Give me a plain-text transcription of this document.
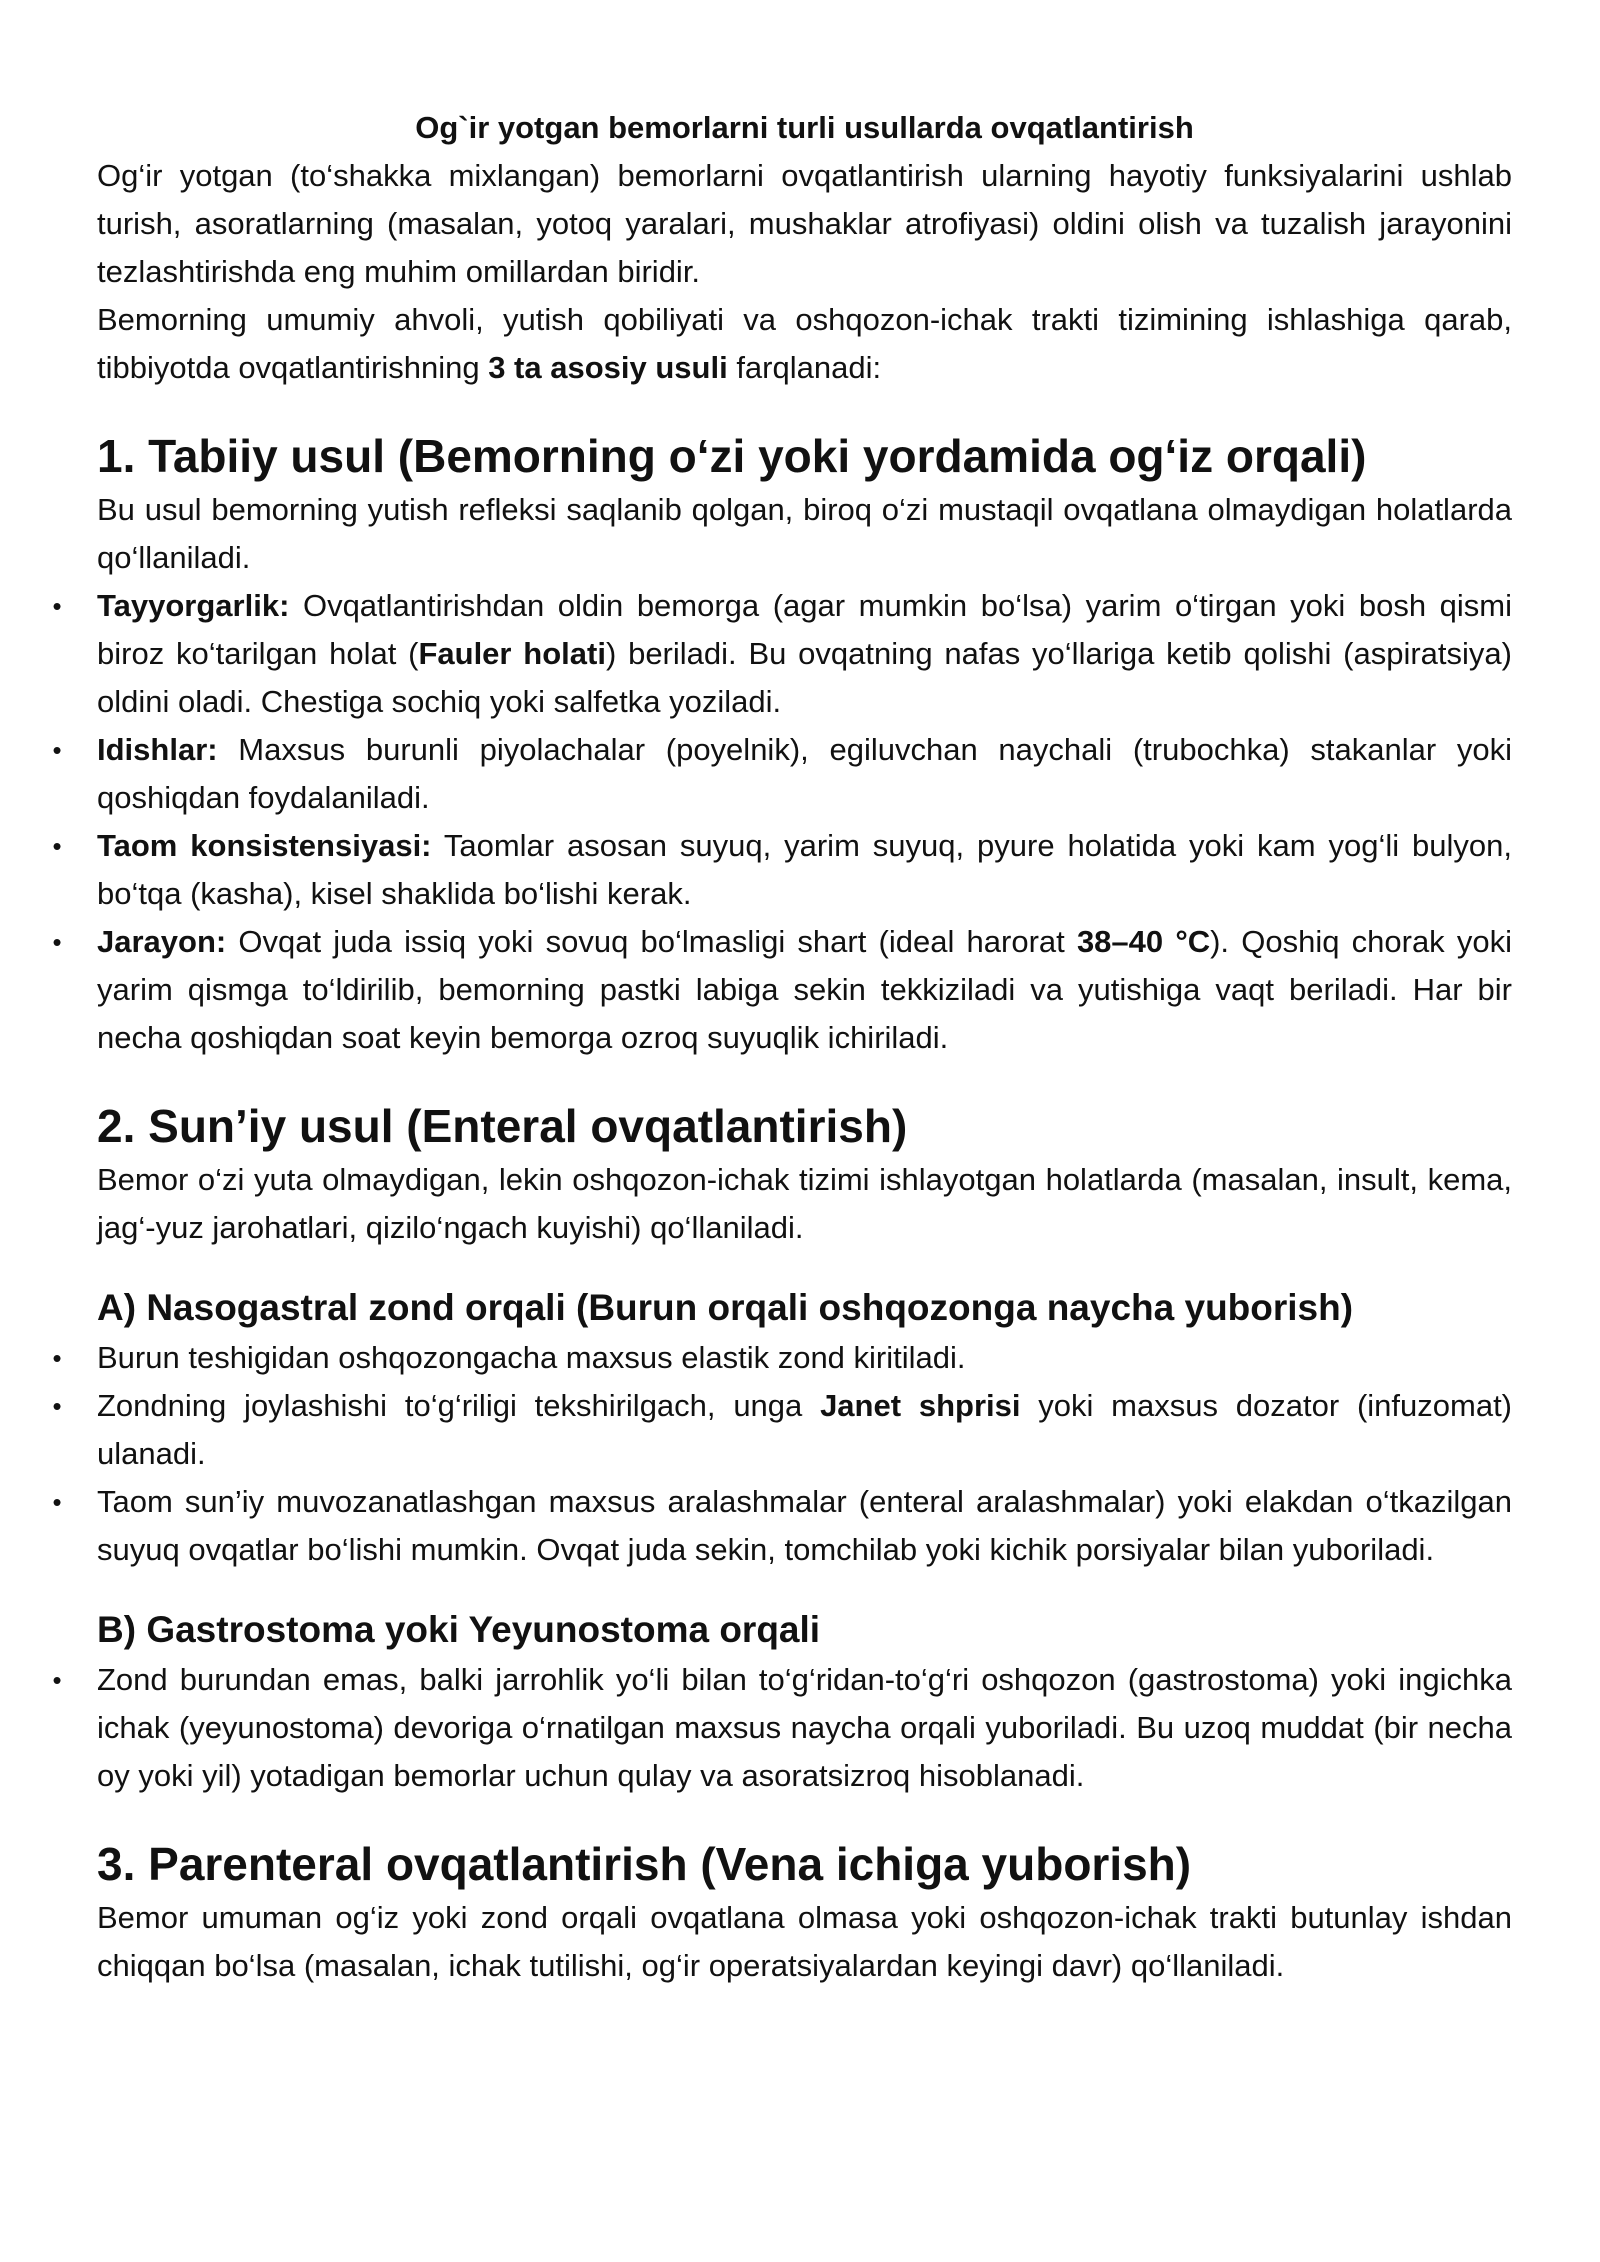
Og`ir yotgan bemorlarni turli usullarda ovqatlantirish

Og‘ir yotgan (to‘shakka mixlangan) bemorlarni ovqatlantirish ularning hayotiy funksiyalarini ushlab turish, asoratlarning (masalan, yotoq yaralari, mushaklar atrofiyasi) oldini olish va tuzalish jarayonini tezlashtirishda eng muhim omillardan biridir.

Bemorning umumiy ahvoli, yutish qobiliyati va oshqozon-ichak trakti tizimining ishlashiga qarab, tibbiyotda ovqatlantirishning 3 ta asosiy usuli farqlanadi:

1. Tabiiy usul (Bemorning o‘zi yoki yordamida og‘iz orqali)

Bu usul bemorning yutish refleksi saqlanib qolgan, biroq o‘zi mustaqil ovqatlana olmaydigan holatlarda qo‘llaniladi.

• Tayyorgarlik: Ovqatlantirishdan oldin bemorga (agar mumkin bo‘lsa) yarim o‘tirgan yoki bosh qismi biroz ko‘tarilgan holat (Fauler holati) beriladi. Bu ovqatning nafas yo‘llariga ketib qolishi (aspiratsiya) oldini oladi. Chestiga sochiq yoki salfetka yoziladi.
• Idishlar: Maxsus burunli piyolachalar (poyelnik), egiluvchan naychali (trubochka) stakanlar yoki qoshiqdan foydalaniladi.
• Taom konsistensiyasi: Taomlar asosan suyuq, yarim suyuq, pyure holatida yoki kam yog‘li bulyon, bo‘tqa (kasha), kisel shaklida bo‘lishi kerak.
• Jarayon: Ovqat juda issiq yoki sovuq bo‘lmasligi shart (ideal harorat 38–40 °C). Qoshiq chorak yoki yarim qismga to‘ldirilib, bemorning pastki labiga sekin tekkiziladi va yutishiga vaqt beriladi. Har bir necha qoshiqdan soat keyin bemorga ozroq suyuqlik ichiriladi.
2. Sun’iy usul (Enteral ovqatlantirish)

Bemor o‘zi yuta olmaydigan, lekin oshqozon-ichak tizimi ishlayotgan holatlarda (masalan, insult, kema, jag‘-yuz jarohatlari, qizilo‘ngach kuyishi) qo‘llaniladi.

A) Nasogastral zond orqali (Burun orqali oshqozonga naycha yuborish)
• Burun teshigidan oshqozongacha maxsus elastik zond kiritiladi.
• Zondning joylashishi to‘g‘riligi tekshirilgach, unga Janet shprisi yoki maxsus dozator (infuzomat) ulanadi.
• Taom sun’iy muvozanatlashgan maxsus aralashmalar (enteral aralashmalar) yoki elakdan o‘tkazilgan suyuq ovqatlar bo‘lishi mumkin. Ovqat juda sekin, tomchilab yoki kichik porsiyalar bilan yuboriladi.
B) Gastrostoma yoki Yeyunostoma orqali
• Zond burundan emas, balki jarrohlik yo‘li bilan to‘g‘ridan-to‘g‘ri oshqozon (gastrostoma) yoki ingichka ichak (yeyunostoma) devoriga o‘rnatilgan maxsus naycha orqali yuboriladi. Bu uzoq muddat (bir necha oy yoki yil) yotadigan bemorlar uchun qulay va asoratsizroq hisoblanadi.
3. Parenteral ovqatlantirish (Vena ichiga yuborish)

Bemor umuman og‘iz yoki zond orqali ovqatlana olmasa yoki oshqozon-ichak trakti butunlay ishdan chiqqan bo‘lsa (masalan, ichak tutilishi, og‘ir operatsiyalardan keyingi davr) qo‘llaniladi.
